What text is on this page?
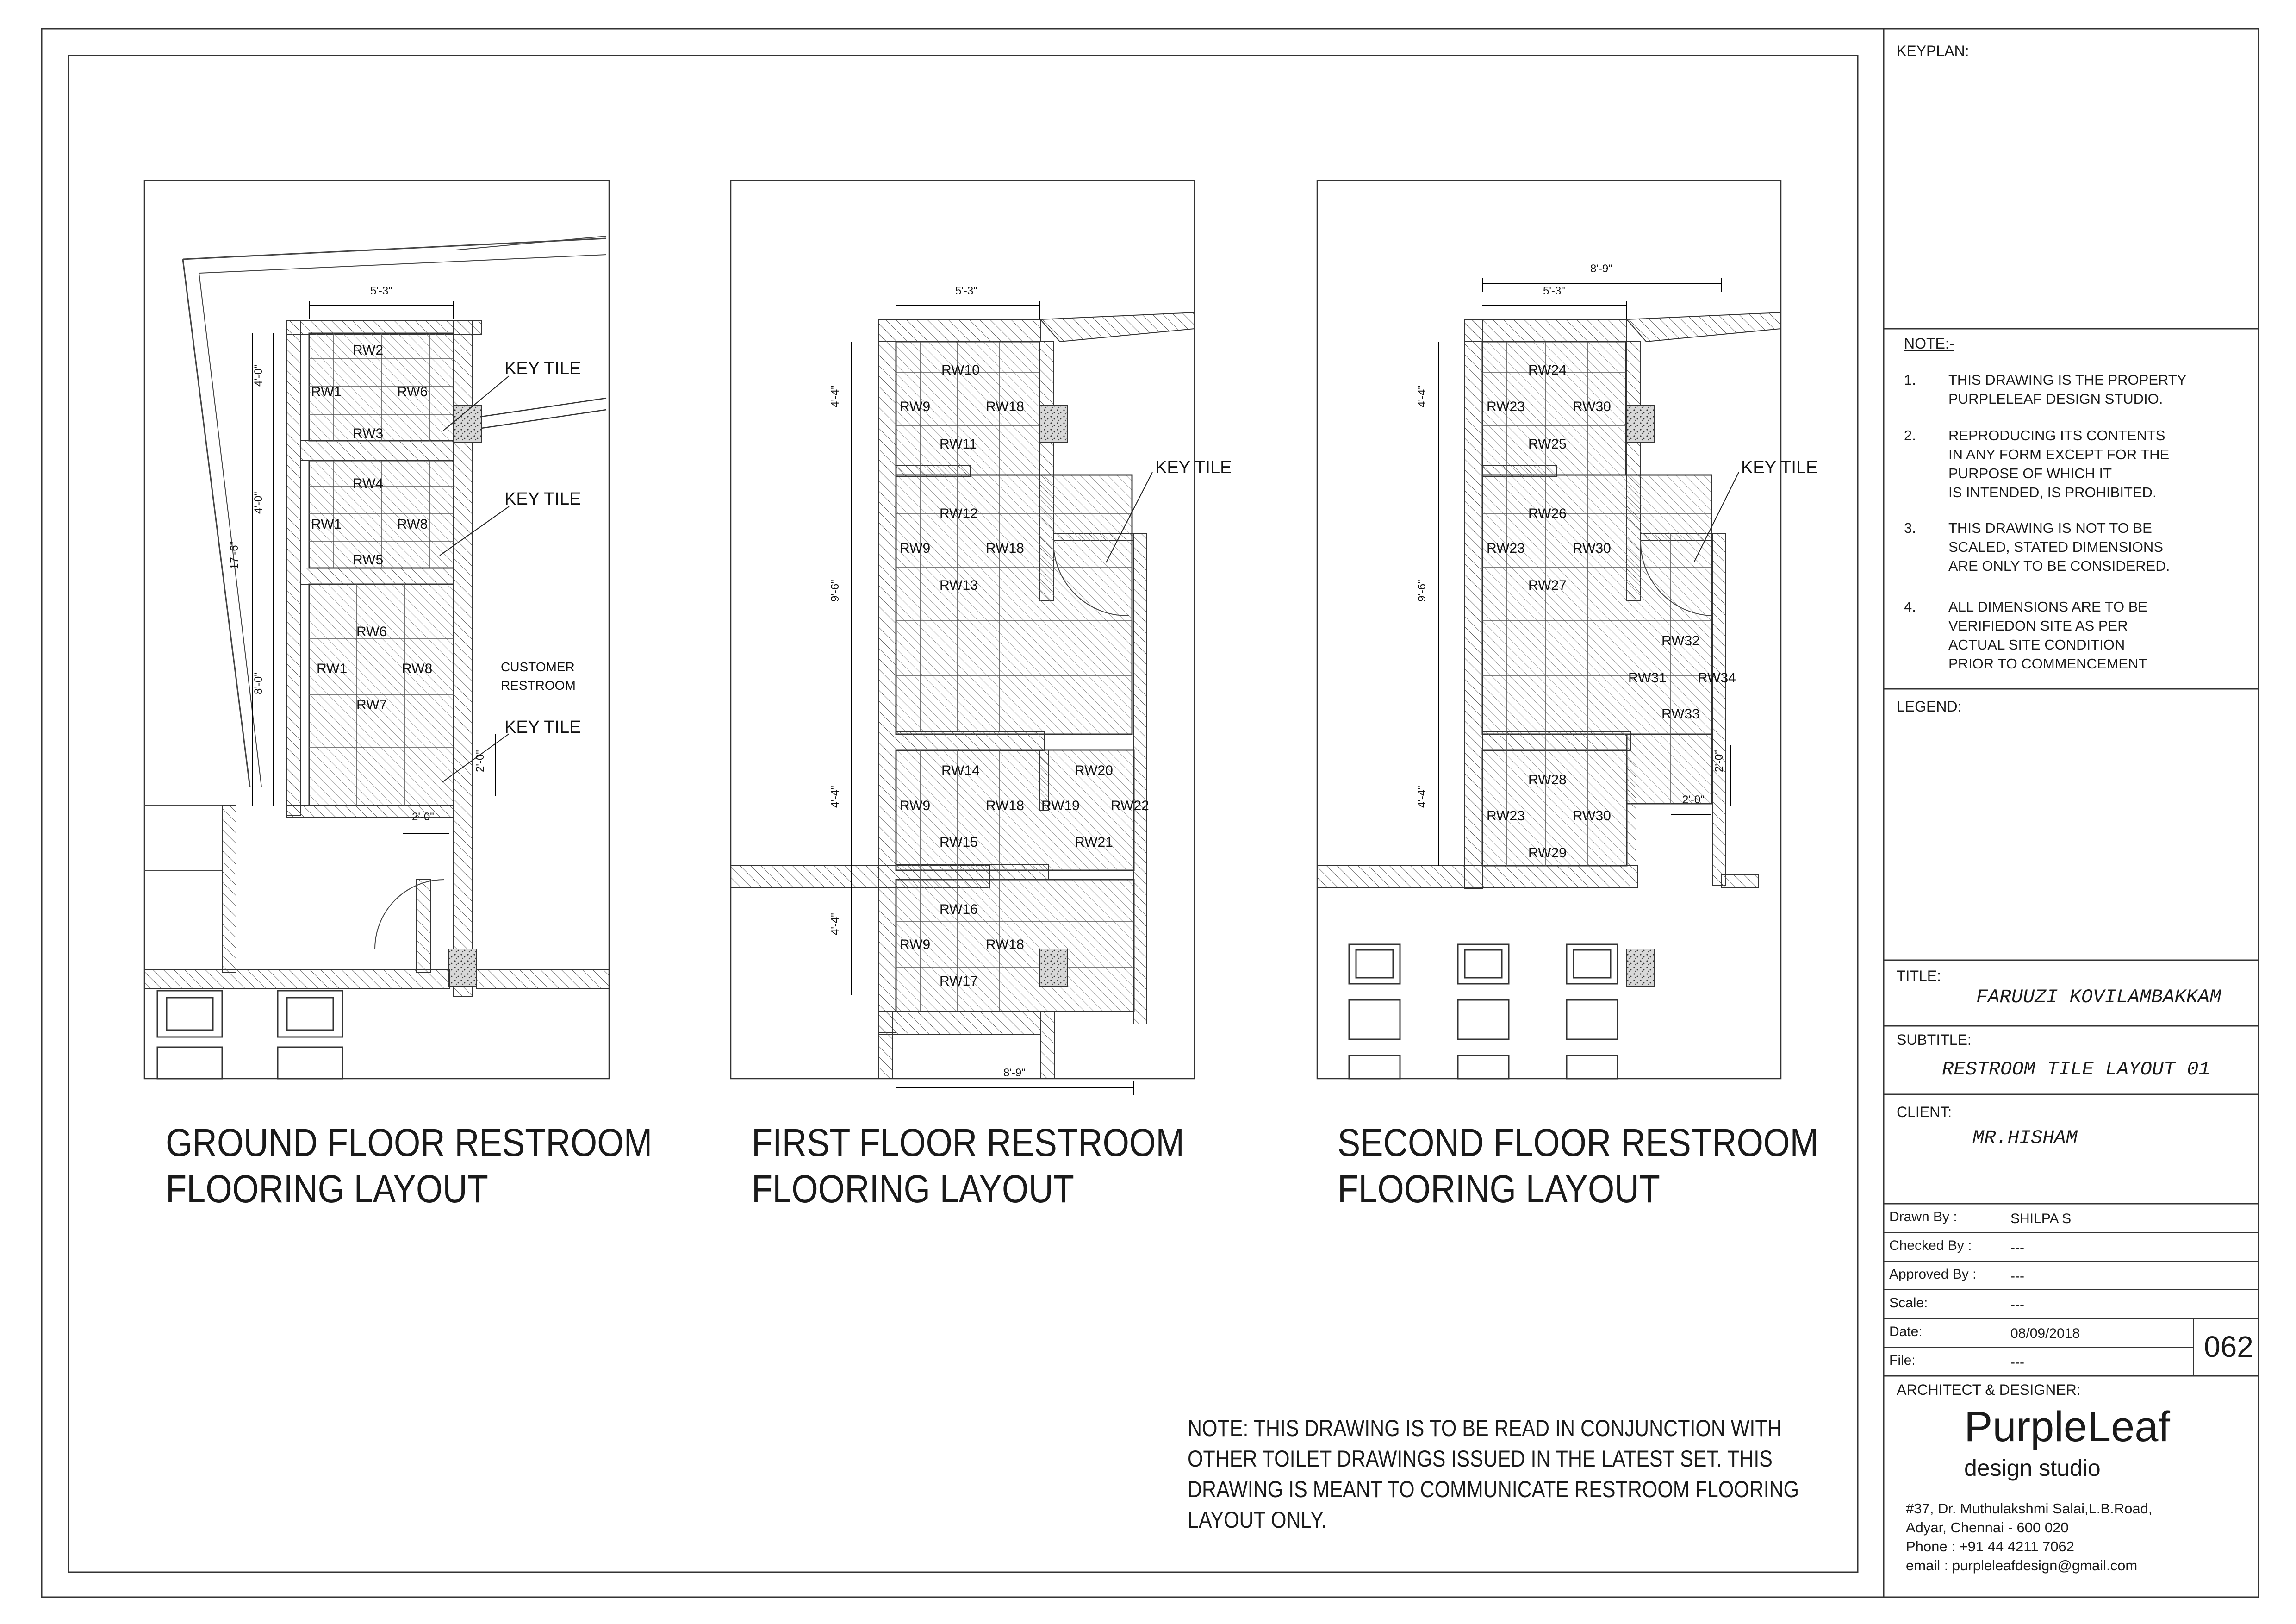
RW2
RW1	RW6
RW3
RW4
RW1	RW8
RW5
RW6
RW1	RW8
RW7
5'-3"
4'-0"
4'-0"
8'-0"
17'-6"
2'-0"
2'-0"
KEY TILE
KEY TILE
KEY TILE
CUSTOMER
RESTROOM
RW10
RW9	RW18
RW11
RW12
RW9	RW18
RW13
RW14
RW9	RW18
RW15
RW20
RW19 RW22
RW21
RW16
RW9	RW18
RW17
5'-3"
4'-4"
9'-6"
4'-4"
4'-4"
8'-9"
KEY TILE
RW24
RW23	RW30
RW25
RW26
RW23	RW30
RW27
RW32
RW31 RW34
RW33
RW28
RW23	RW30
RW29
8'-9"
5'-3"
4'-4"
9'-6"
4'-4"
2'-0"
2'-0"
KEY TILE
GROUND FLOOR RESTROOM
FLOORING LAYOUT
FIRST FLOOR RESTROOM
FLOORING LAYOUT
SECOND FLOOR RESTROOM
FLOORING LAYOUT
NOTE: THIS DRAWING IS TO BE READ IN CONJUNCTION WITH
OTHER TOILET DRAWINGS ISSUED IN THE LATEST SET. THIS
DRAWING IS MEANT TO COMMUNICATE RESTROOM FLOORING
LAYOUT ONLY.
KEYPLAN:
NOTE:-
1. THIS DRAWING IS THE PROPERTY
PURPLELEAF DESIGN STUDIO.
2. REPRODUCING ITS CONTENTS
IN ANY FORM EXCEPT FOR THE
PURPOSE OF WHICH IT
IS INTENDED, IS PROHIBITED.
3. THIS DRAWING IS NOT TO BE
SCALED, STATED DIMENSIONS
ARE ONLY TO BE CONSIDERED.
4. ALL DIMENSIONS ARE TO BE
VERIFIEDON SITE AS PER
ACTUAL SITE CONDITION
PRIOR TO COMMENCEMENT
LEGEND:
TITLE:
FARUUZI KOVILAMBAKKAM
SUBTITLE:
RESTROOM TILE LAYOUT 01
CLIENT:
MR.HISHAM
Drawn By :	SHILPA S
Checked By :	---
Approved By : ---
Scale:	---
Date:	08/09/2018
File:	---	062
ARCHITECT & DESIGNER:
PurpleLeaf
design studio
#37, Dr. Muthulakshmi Salai,L.B.Road,
Adyar, Chennai - 600 020
Phone : +91 44 4211 7062
email : purpleleafdesign@gmail.com
